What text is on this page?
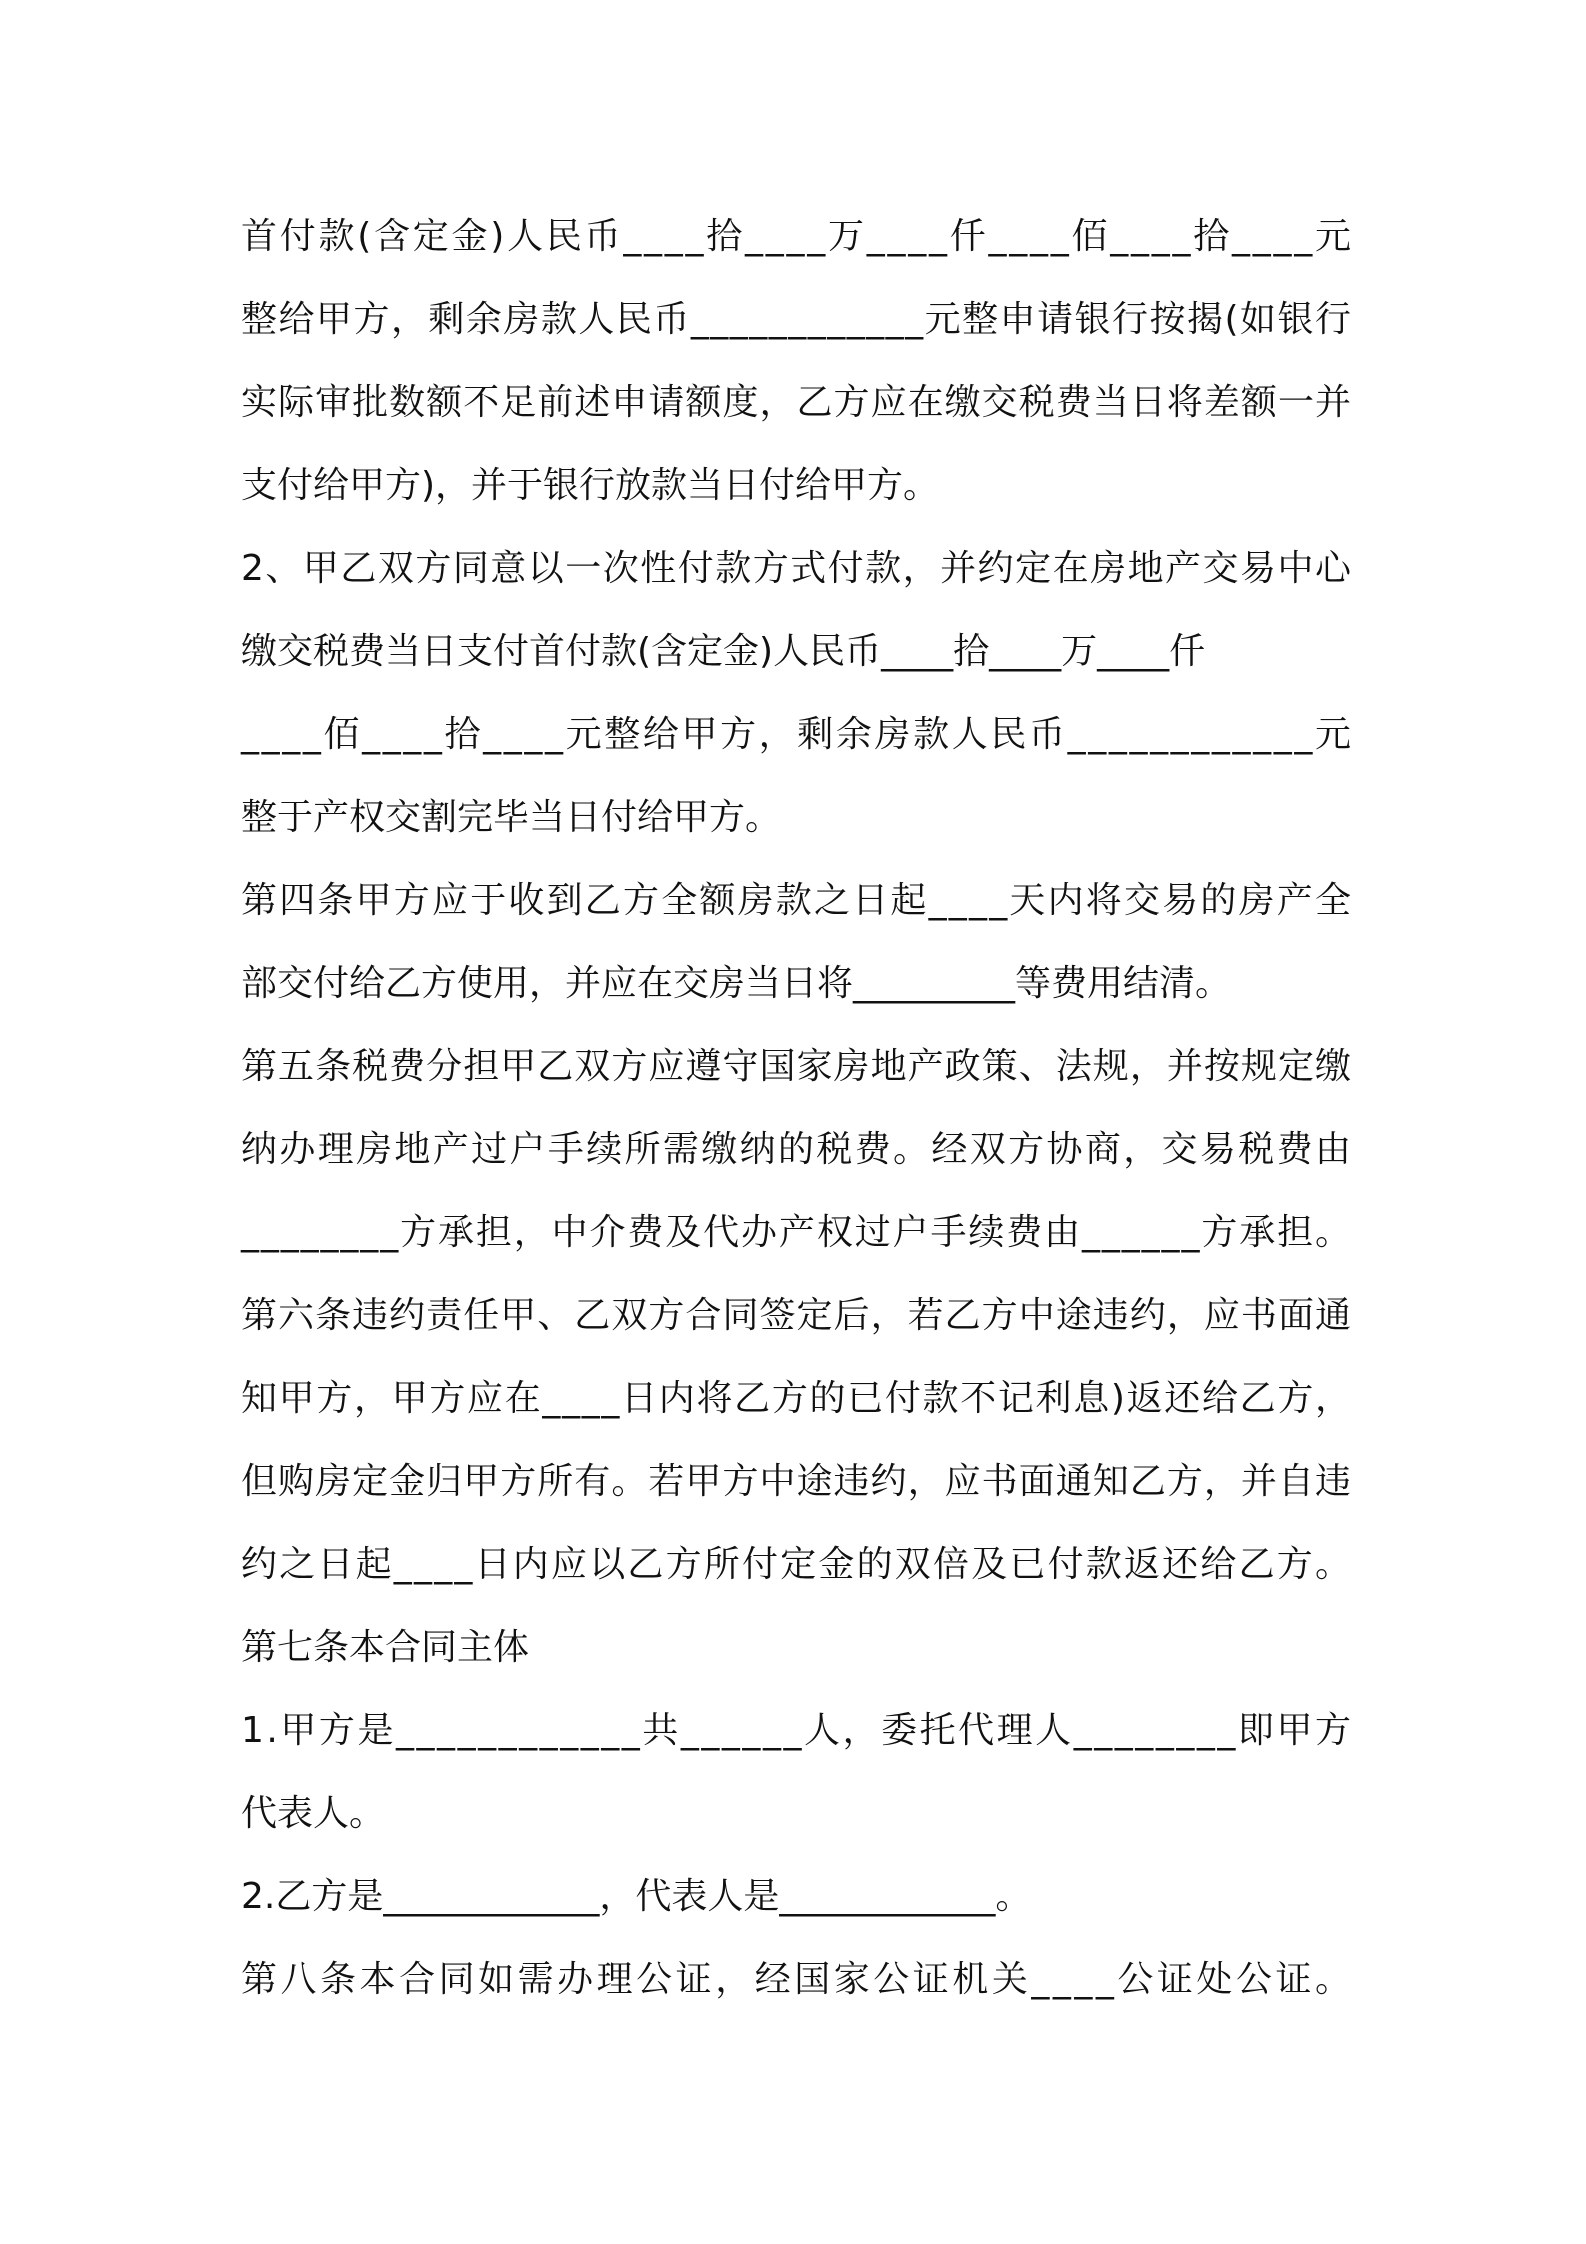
首付款(含定金)人民币____拾____万____仟____佰____拾____元
整给甲方，剩余房款人民币____________元整申请银行按揭(如银行
实际审批数额不足前述申请额度，乙方应在缴交税费当日将差额一并
支付给甲方)，并于银行放款当日付给甲方。
2、甲乙双方同意以一次性付款方式付款，并约定在房地产交易中心
缴交税费当日支付首付款(含定金)人民币____拾____万____仟
____佰____拾____元整给甲方，剩余房款人民币____________元
整于产权交割完毕当日付给甲方。
第四条甲方应于收到乙方全额房款之日起____天内将交易的房产全
部交付给乙方使用，并应在交房当日将_________等费用结清。
第五条税费分担甲乙双方应遵守国家房地产政策、法规，并按规定缴
纳办理房地产过户手续所需缴纳的税费。经双方协商，交易税费由
________方承担，中介费及代办产权过户手续费由______方承担。
第六条违约责任甲、乙双方合同签定后，若乙方中途违约，应书面通
知甲方，甲方应在____日内将乙方的已付款不记利息)返还给乙方，
但购房定金归甲方所有。若甲方中途违约，应书面通知乙方，并自违
约之日起____日内应以乙方所付定金的双倍及已付款返还给乙方。
第七条本合同主体
1.甲方是____________共______人，委托代理人________即甲方
代表人。
2.乙方是____________，代表人是____________。
第八条本合同如需办理公证，经国家公证机关____公证处公证。
